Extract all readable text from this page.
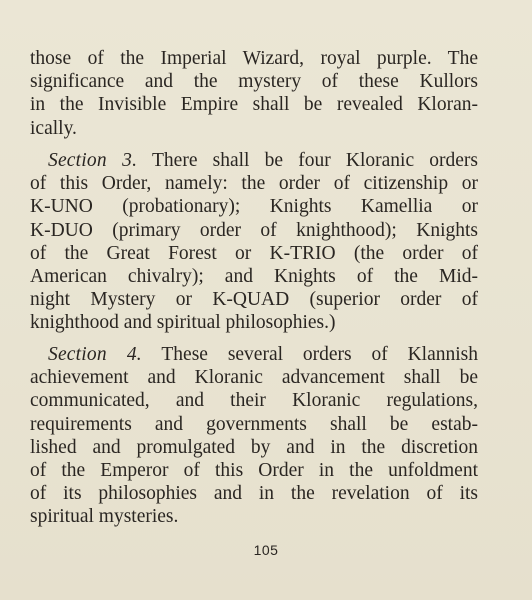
those of the Imperial Wizard, royal purple. The
significance and the mystery of these Kullors
in the Invisible Empire shall be revealed Kloran-
ically.
Section 3. There shall be four Kloranic orders
of this Order, namely: the order of citizenship or
K-UNO (probationary); Knights Kamellia or
K-DUO (primary order of knighthood); Knights
of the Great Forest or K-TRIO (the order of
American chivalry); and Knights of the Mid-
night Mystery or K-QUAD (superior order of
knighthood and spiritual philosophies.)
Section 4. These several orders of Klannish
achievement and Kloranic advancement shall be
communicated, and their Kloranic regulations,
requirements and governments shall be estab-
lished and promulgated by and in the discretion
of the Emperor of this Order in the unfoldment
of its philosophies and in the revelation of its
spiritual mysteries.
105
